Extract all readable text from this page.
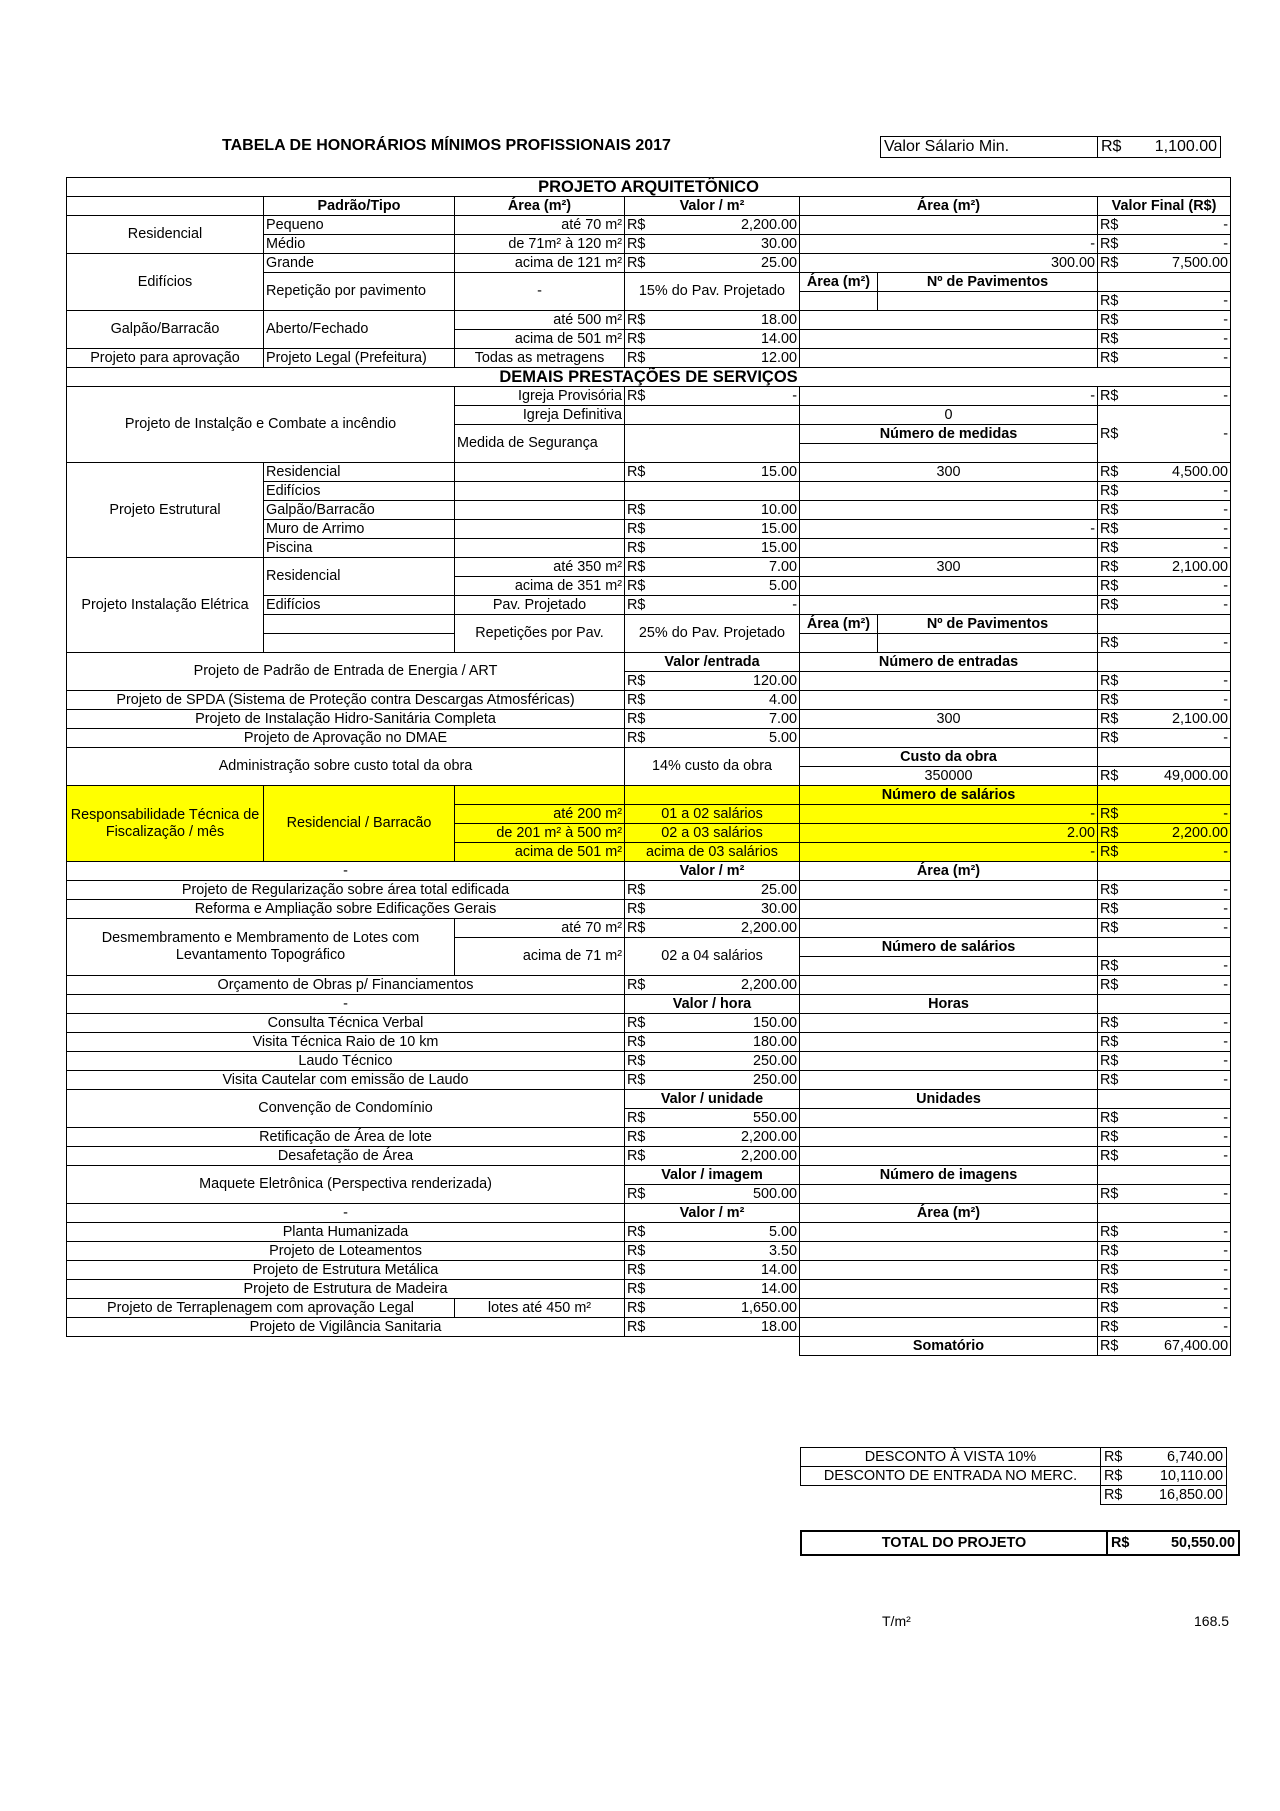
TABELA DE HONORÁRIOS MÍNIMOS PROFISSIONAIS 2017	Valor Sálario Min.	R$ 1,100.00
PROJETO ARQUITETÔNICO						
	Padrão/Tipo	Área (m²)	Valor / m²	Área (m²)		Valor Final (R$)
Residencial	Pequeno	até 70 m²	R$ 2,200.00			R$ -

	Médio	de 71m² à 120 m²	R$ 30.00	-		R$ -

Edifícios	Grande	acima de 121 m²	R$ 25.00	300.00		R$ 7,500.00

	Repetição por pavimento	-	15% do Pav. Projetado	Área (m²)	Nº de Pavimentos	

						R$ -

Galpão/Barracão	Aberto/Fechado	até 500 m²	R$ 18.00			R$ -

		acima de 501 m²	R$ 14.00			R$ -

Projeto para aprovação	Projeto Legal (Prefeitura)	Todas as metragens	R$ 12.00			R$ -

DEMAIS PRESTAÇÕES DE SERVIÇOS						
Projeto de Instalção e Combate a incêndio		Igreja Provisória	R$ -	-		R$ -

		Igreja Definitiva		0		R$ -

		Medida de Segurança		Número de medidas		

Projeto Estrutural	Residencial		R$ 15.00	300		R$ 4,500.00

	Edifícios					R$ -

	Galpão/Barracão		R$ 10.00			R$ -

	Muro de Arrimo		R$ 15.00	-		R$ -

	Piscina		R$ 15.00			R$ -

Projeto Instalação Elétrica	Residencial	até 350 m²	R$ 7.00	300		R$ 2,100.00

		acima de 351 m²	R$ 5.00			R$ -

	Edifícios	Pav. Projetado	R$ -			R$ -

		Repetições por Pav.	25% do Pav. Projetado	Área (m²)	Nº de Pavimentos	

						R$ -

Projeto de Padrão de Entrada de Energia / ART			Valor /entrada	Número de entradas		

			R$ 120.00			R$ -

Projeto de SPDA (Sistema de Proteção contra Descargas Atmosféricas)			R$ 4.00			R$ -

Projeto de Instalação Hidro-Sanitária Completa			R$ 7.00	300		R$ 2,100.00

Projeto de Aprovação no DMAE			R$ 5.00			R$ -

Administração sobre custo total da obra			14% custo da obra	Custo da obra		
				350000		R$ 49,000.00

Responsabilidade Técnica de Fiscalização / mês	Residencial / Barracão			Número de salários		
		até 200 m²	01 a 02 salários	-		R$ -

		de 201 m² à 500 m²	02 a 03 salários	2.00		R$ 2,200.00

		acima de 501 m²	acima de 03 salários	-		R$ -

-			Valor / m²	Área (m²)		
Projeto de Regularização sobre área total edificada			R$ 25.00			R$ -

Reforma e Ampliação sobre Edificações Gerais			R$ 30.00			R$ -

Desmembramento e Membramento de Lotes com Levantamento Topográfico		até 70 m²	R$ 2,200.00			R$ -

		acima de 71 m²	02 a 04 salários	Número de salários		

						R$ -

Orçamento de Obras p/ Financiamentos			R$ 2,200.00			R$ -

-			Valor / hora	Horas		
Consulta Técnica Verbal			R$ 150.00			R$ -

Visita Técnica Raio de 10 km			R$ 180.00			R$ -

Laudo Técnico			R$ 250.00			R$ -

Visita Cautelar com emissão de Laudo			R$ 250.00			R$ -

Convenção de Condomínio			Valor / unidade	Unidades		

			R$ 550.00			R$ -

Retificação de Área de lote			R$ 2,200.00			R$ -

Desafetação de Área			R$ 2,200.00			R$ -

Maquete Eletrônica (Perspectiva renderizada)			Valor / imagem	Número de imagens		

			R$ 500.00			R$ -

-			Valor / m²	Área (m²)		
Planta Humanizada			R$ 5.00			R$ -

Projeto de Loteamentos			R$ 3.50			R$ -

Projeto de Estrutura Metálica			R$ 14.00			R$ -

Projeto de Estrutura de Madeira			R$ 14.00			R$ -

Projeto de Terraplenagem com aprovação Legal		lotes até 450 m²	R$ 1,650.00			R$ -

Projeto de Vigilância Sanitaria			R$ 18.00			R$ -

				Somatório		R$ 67,400.00
DESCONTO À VISTA 10%	R$ 6,740.00

DESCONTO DE ENTRADA NO MERC.	R$ 10,110.00

	R$ 16,850.00
TOTAL DO PROJETO	R$	50,550.00
T/m²	168.5
